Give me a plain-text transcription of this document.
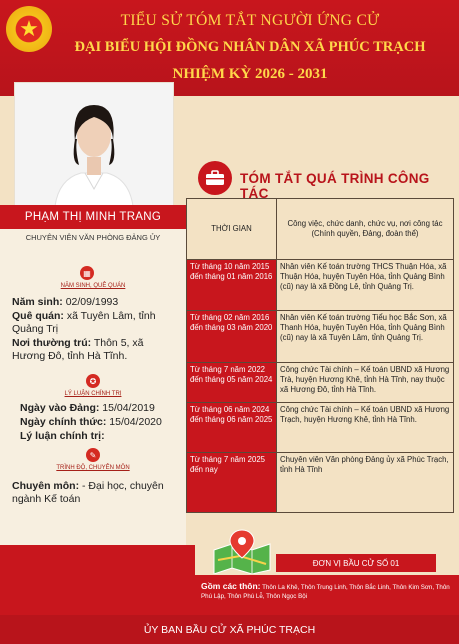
★	TIỂU SỬ TÓM TẮT NGƯỜI ỨNG CỬ
ĐẠI BIỂU HỘI ĐỒNG NHÂN DÂN XÃ PHÚC TRẠCH
NHIỆM KỲ 2026 - 2031
PHẠM THỊ MINH TRANG
CHUYÊN VIÊN VĂN PHÒNG ĐẢNG ỦY
▦
NĂM SINH, QUÊ QUÁN
Năm sinh: 02/09/1993
Quê quán: xã Tuyên Lâm, tỉnh Quảng Trị
Nơi thường trú: Thôn 5, xã Hương Đô, tỉnh Hà Tĩnh.
✪
LÝ LUẬN CHÍNH TRỊ
Ngày vào Đảng: 15/04/2019
Ngày chính thức: 15/04/2020
Lý luận chính trị:
✎
TRÌNH ĐỘ, CHUYÊN MÔN
Chuyên môn: - Đại học, chuyên ngành Kế toán
TÓM TẮT QUÁ TRÌNH CÔNG TÁC
THỜI GIAN	Công việc, chức danh, chức vụ, nơi công tác (Chính quyền, Đảng, đoàn thể)
Từ tháng 10 năm 2015 đến tháng 01 năm 2016	Nhân viên Kế toán trường THCS Thuận Hóa, xã Thuận Hóa, huyện Tuyên Hóa, tỉnh Quảng Bình (cũ) nay là xã Đồng Lê, tỉnh Quảng Trị.
Từ tháng 02 năm 2016 đến tháng 03 năm 2020	Nhân viên Kế toán trường Tiểu học Bắc Sơn, xã Thanh Hóa, huyện Tuyên Hóa, tỉnh Quảng Bình (cũ) nay là xã Tuyên Lâm, tỉnh Quảng Trị.
Từ tháng 7 năm 2022 đến tháng 05 năm 2024	Công chức Tài chính – Kế toán UBND xã Hương Trà, huyện Hương Khê, tỉnh Hà Tĩnh, nay thuộc xã Hương Đô, tỉnh Hà Tĩnh.
Từ tháng 06 năm 2024 đến tháng 06 năm 2025	Công chức Tài chính – Kế toán UBND xã Hương Trạch, huyện Hương Khê, tỉnh Hà Tĩnh.
Từ tháng 7 năm 2025 đến nay	Chuyên viên Văn phòng Đảng ủy xã Phúc Trạch, tỉnh Hà Tĩnh
ĐƠN VỊ BẦU CỬ SỐ 01
Gồm các thôn: Thôn La Khê, Thôn Trung Linh, Thôn Bắc Linh, Thôn Kim Sơn, Thôn Phú Lập, Thôn Phú Lễ, Thôn Ngọc Bội
ỦY BAN BẦU CỬ XÃ PHÚC TRẠCH
